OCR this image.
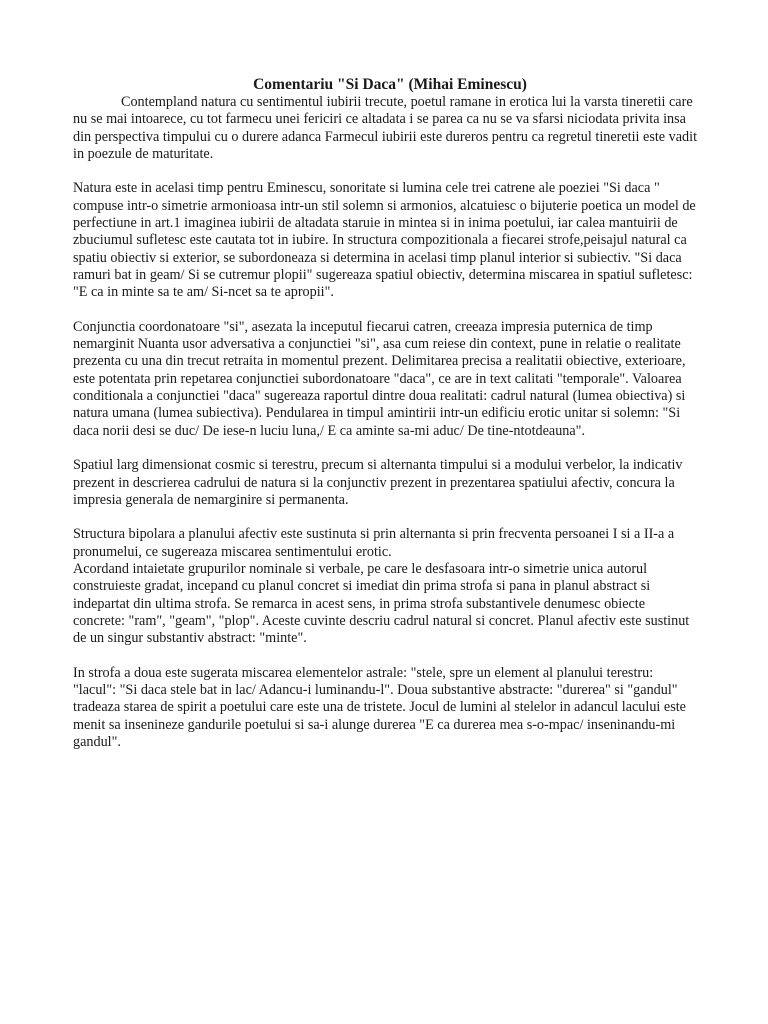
Comentariu "Si Daca" (Mihai Eminescu)

Contempland natura cu sentimentul iubirii trecute, poetul ramane in erotica lui la varsta tineretii care nu se mai intoarece, cu tot farmecu unei fericiri ce altadata i se parea ca nu se va sfarsi niciodata privita insa din perspectiva timpului cu o durere adanca Farmecul iubirii este dureros pentru ca regretul tineretii este vadit in poezule de maturitate.

Natura este in acelasi timp pentru Eminescu, sonoritate si lumina cele trei catrene ale poeziei "Si daca " compuse intr-o simetrie armonioasa intr-un stil solemn si armonios, alcatuiesc o bijuterie poetica un model de perfectiune in art.1 imaginea iubirii de altadata staruie in mintea si in inima poetului, iar calea mantuirii de zbuciumul sufletesc este cautata tot in iubire. In structura compozitionala a fiecarei strofe,peisajul natural ca spatiu obiectiv si exterior, se subordoneaza si determina in acelasi timp planul interior si subiectiv. "Si daca ramuri bat in geam/ Si se cutremur plopii" sugereaza spatiul obiectiv, determina miscarea in spatiul sufletesc: "E ca in minte sa te am/ Si-ncet sa te apropii".

Conjunctia coordonatoare "si", asezata la inceputul fiecarui catren, creeaza impresia puternica de timp nemarginit Nuanta usor adversativa a conjunctiei "si", asa cum reiese din context, pune in relatie o realitate prezenta cu una din trecut retraita in momentul prezent. Delimitarea precisa a realitatii obiective, exterioare, este potentata prin repetarea conjunctiei subordonatoare "daca", ce are in text calitati "temporale". Valoarea conditionala a conjunctiei "daca" sugereaza raportul dintre doua realitati: cadrul natural (lumea obiectiva) si natura umana (lumea subiectiva). Pendularea in timpul amintirii intr-un edificiu erotic unitar si solemn: "Si daca norii desi se duc/ De iese-n luciu luna,/ E ca aminte sa-mi aduc/ De tine-ntotdeauna".

Spatiul larg dimensionat cosmic si terestru, precum si alternanta timpului si a modului verbelor, la indicativ prezent in descrierea cadrului de natura si la conjunctiv prezent in prezentarea spatiului afectiv, concura la impresia generala de nemarginire si permanenta.

Structura bipolara a planului afectiv este sustinuta si prin alternanta si prin frecventa persoanei I si a II-a a pronumelui, ce sugereaza miscarea sentimentului erotic.

Acordand intaietate grupurilor nominale si verbale, pe care le desfasoara intr-o simetrie unica autorul construieste gradat, incepand cu planul concret si imediat din prima strofa si pana in planul abstract si indepartat din ultima strofa. Se remarca in acest sens, in prima strofa substantivele denumesc obiecte concrete: "ram", "geam", "plop". Aceste cuvinte descriu cadrul natural si concret. Planul afectiv este sustinut de un singur substantiv abstract: "minte".

In strofa a doua este sugerata miscarea elementelor astrale: "stele, spre un element al planului terestru: "lacul": "Si daca stele bat in lac/ Adancu-i luminandu-l". Doua substantive abstracte: "durerea" si "gandul" tradeaza starea de spirit a poetului care este una de tristete. Jocul de lumini al stelelor in adancul lacului este menit sa insenineze gandurile poetului si sa-i alunge durerea "E ca durerea mea s-o-mpac/ inseninandu-mi gandul".
